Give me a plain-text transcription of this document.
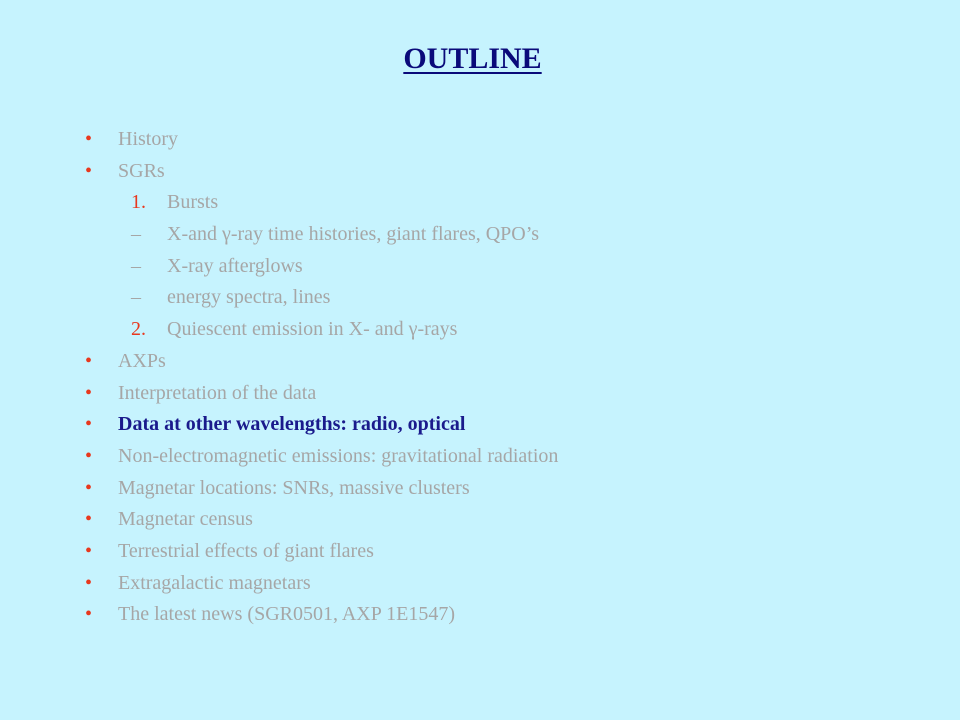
OUTLINE
• History
• SGRs
1. Bursts
– X-and γ-ray time histories, giant flares, QPO’s
– X-ray afterglows
– energy spectra, lines
2. Quiescent emission in X- and γ-rays
• AXPs
• Interpretation of the data
• Data at other wavelengths: radio, optical
• Non-electromagnetic emissions: gravitational radiation
• Magnetar locations: SNRs, massive clusters
• Magnetar census
• Terrestrial effects of giant flares
• Extragalactic magnetars
• The latest news (SGR0501, AXP 1E1547)
